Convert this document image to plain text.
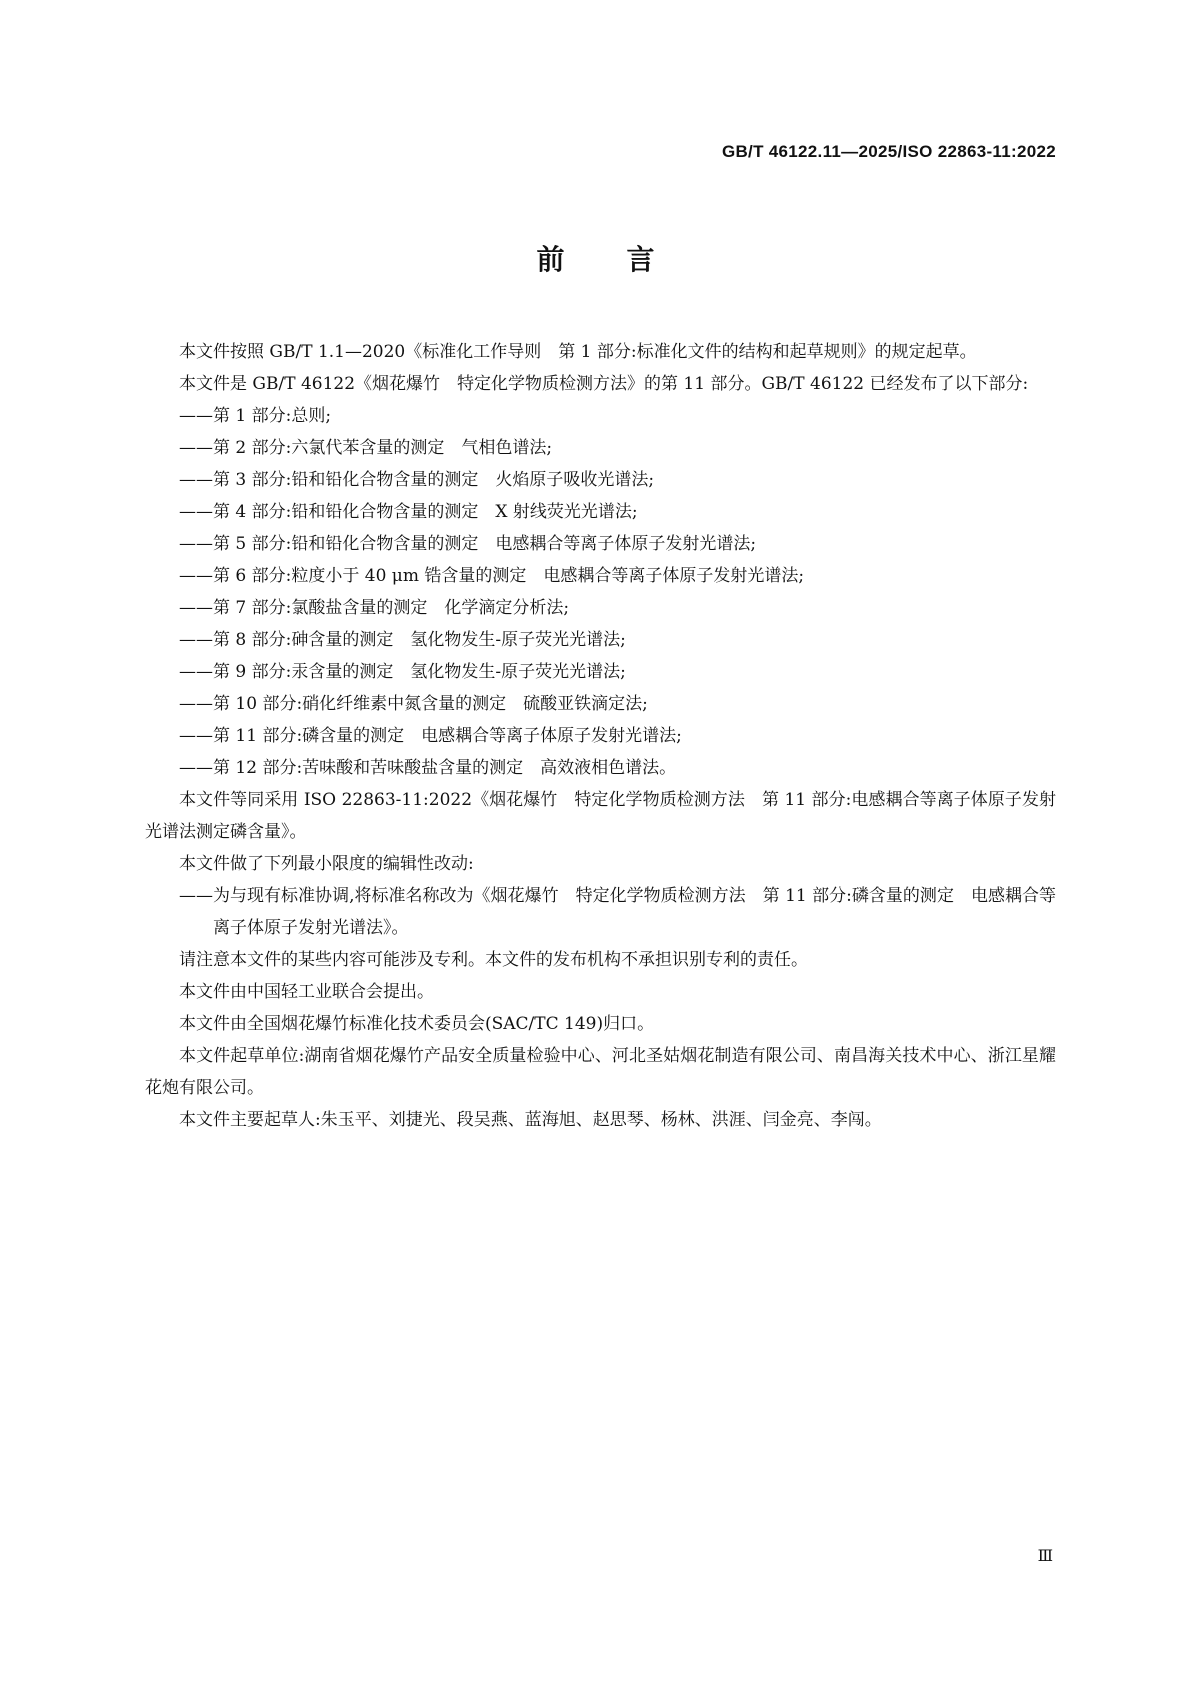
GB/T 46122.11—2025/ISO 22863-11:2022
前言

本文件按照 GB/T 1.1—2020《标准化工作导则　第 1 部分:标准化文件的结构和起草规则》的规定起草。

本文件是 GB/T 46122《烟花爆竹　特定化学物质检测方法》的第 11 部分。GB/T 46122 已经发布了以下部分:

——第 1 部分:总则;

——第 2 部分:六氯代苯含量的测定　气相色谱法;

——第 3 部分:铅和铅化合物含量的测定　火焰原子吸收光谱法;

——第 4 部分:铅和铅化合物含量的测定　X 射线荧光光谱法;

——第 5 部分:铅和铅化合物含量的测定　电感耦合等离子体原子发射光谱法;

——第 6 部分:粒度小于 40 μm 锆含量的测定　电感耦合等离子体原子发射光谱法;

——第 7 部分:氯酸盐含量的测定　化学滴定分析法;

——第 8 部分:砷含量的测定　氢化物发生-原子荧光光谱法;

——第 9 部分:汞含量的测定　氢化物发生-原子荧光光谱法;

——第 10 部分:硝化纤维素中氮含量的测定　硫酸亚铁滴定法;

——第 11 部分:磷含量的测定　电感耦合等离子体原子发射光谱法;

——第 12 部分:苦味酸和苦味酸盐含量的测定　高效液相色谱法。

本文件等同采用 ISO 22863-11:2022《烟花爆竹　特定化学物质检测方法　第 11 部分:电感耦合等离子体原子发射光谱法测定磷含量》。

本文件做了下列最小限度的编辑性改动:

——为与现有标准协调,将标准名称改为《烟花爆竹　特定化学物质检测方法　第 11 部分:磷含量的测定　电感耦合等离子体原子发射光谱法》。

请注意本文件的某些内容可能涉及专利。本文件的发布机构不承担识别专利的责任。

本文件由中国轻工业联合会提出。

本文件由全国烟花爆竹标准化技术委员会(SAC/TC 149)归口。

本文件起草单位:湖南省烟花爆竹产品安全质量检验中心、河北圣姑烟花制造有限公司、南昌海关技术中心、浙江星耀花炮有限公司。

本文件主要起草人:朱玉平、刘捷光、段吴燕、蓝海旭、赵思琴、杨林、洪涯、闫金亮、李闯。

Ⅲ
